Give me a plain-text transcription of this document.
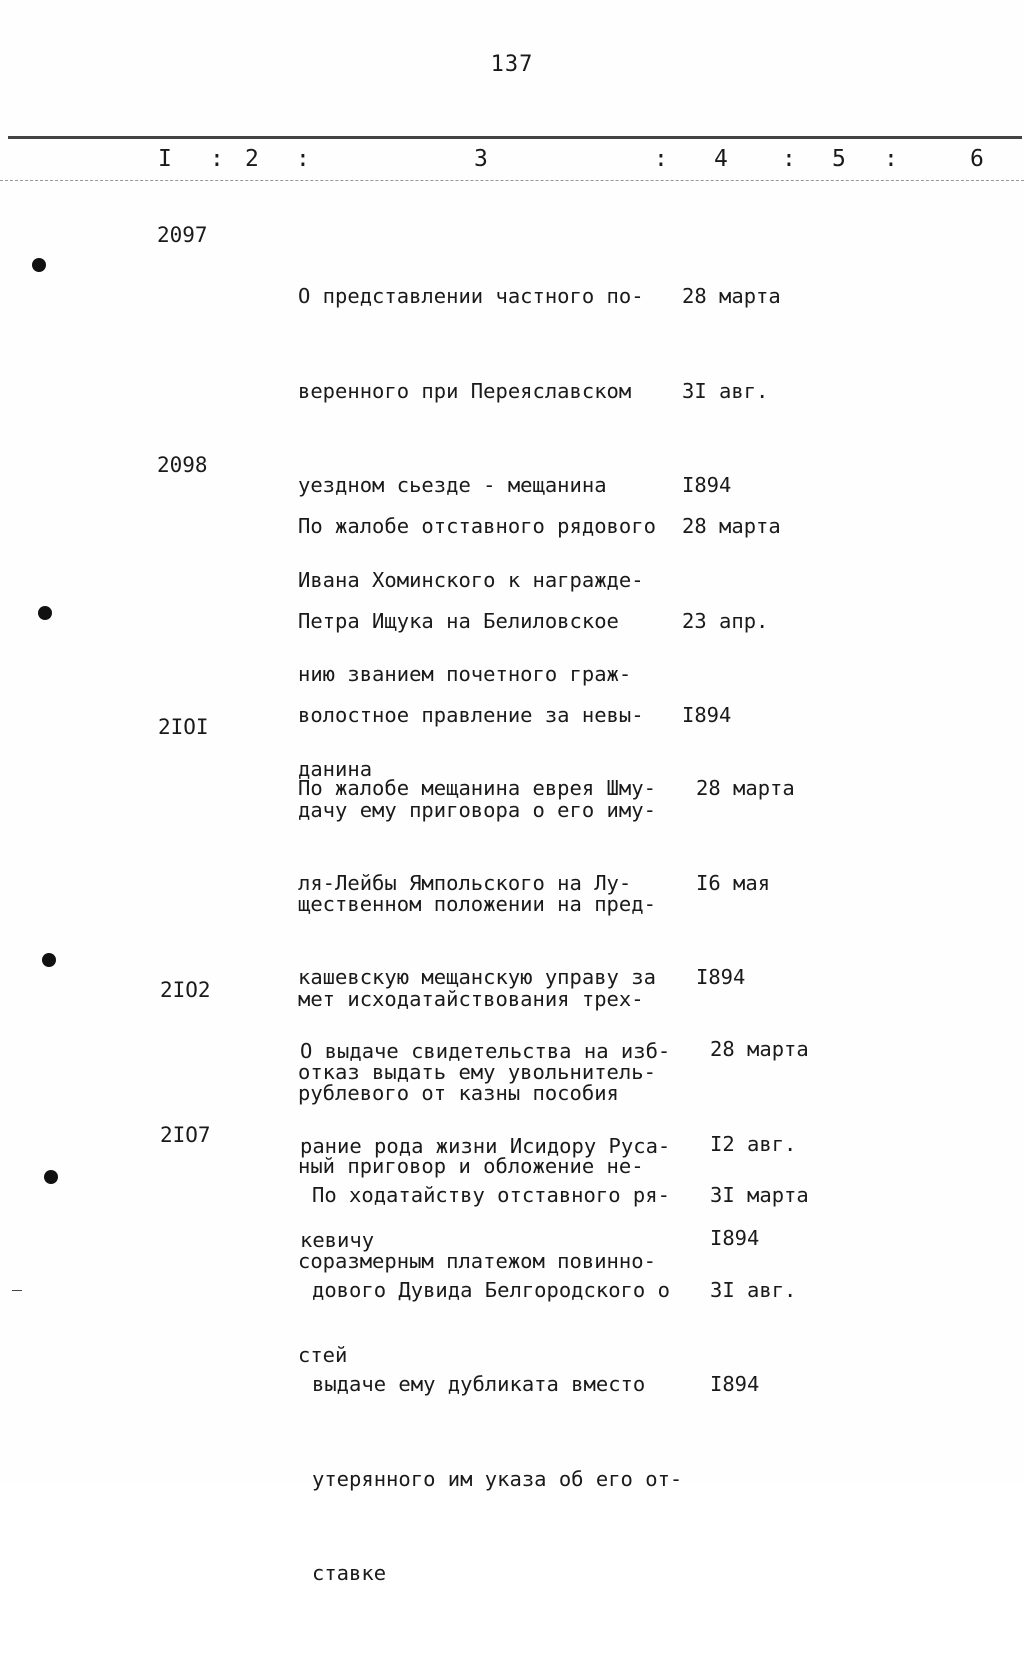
137
I : 2 :	3	: 4 : 5 :	6
2097

О представлении частного по-

веренного при Переяславском

уездном сьезде - мещанина

Ивана Хоминского к награжде-

нию званием почетного граж-

данина

28 марта

3I авг.

I894

2098

По жалобе отставного рядового

Петра Ищука на Белиловское

волостное правление за невы-

дачу ему приговора о его иму-

щественном положении на пред-

мет исходатайствования трех-

рублевого от казны пособия

28 марта

23 апр.

I894

2IOI

По жалобе мещанина еврея Шму-

ля-Лейбы Ямпольского на Лу-

кашевскую мещанскую управу за

отказ выдать ему увольнитель-

ный приговор и обложение не-

соразмерным платежом повинно-

стей

28 марта

I6 мая

I894

2IO2

О выдаче свидетельства на изб-

рание рода жизни Исидору Руса-

кевичу

28 марта

I2 авг.

I894

2IO7

По ходатайству отставного ря-

дового Дувида Белгородского о

выдаче ему дубликата вместо

утерянного им указа об его от-

ставке

3I марта

3I авг.

I894
